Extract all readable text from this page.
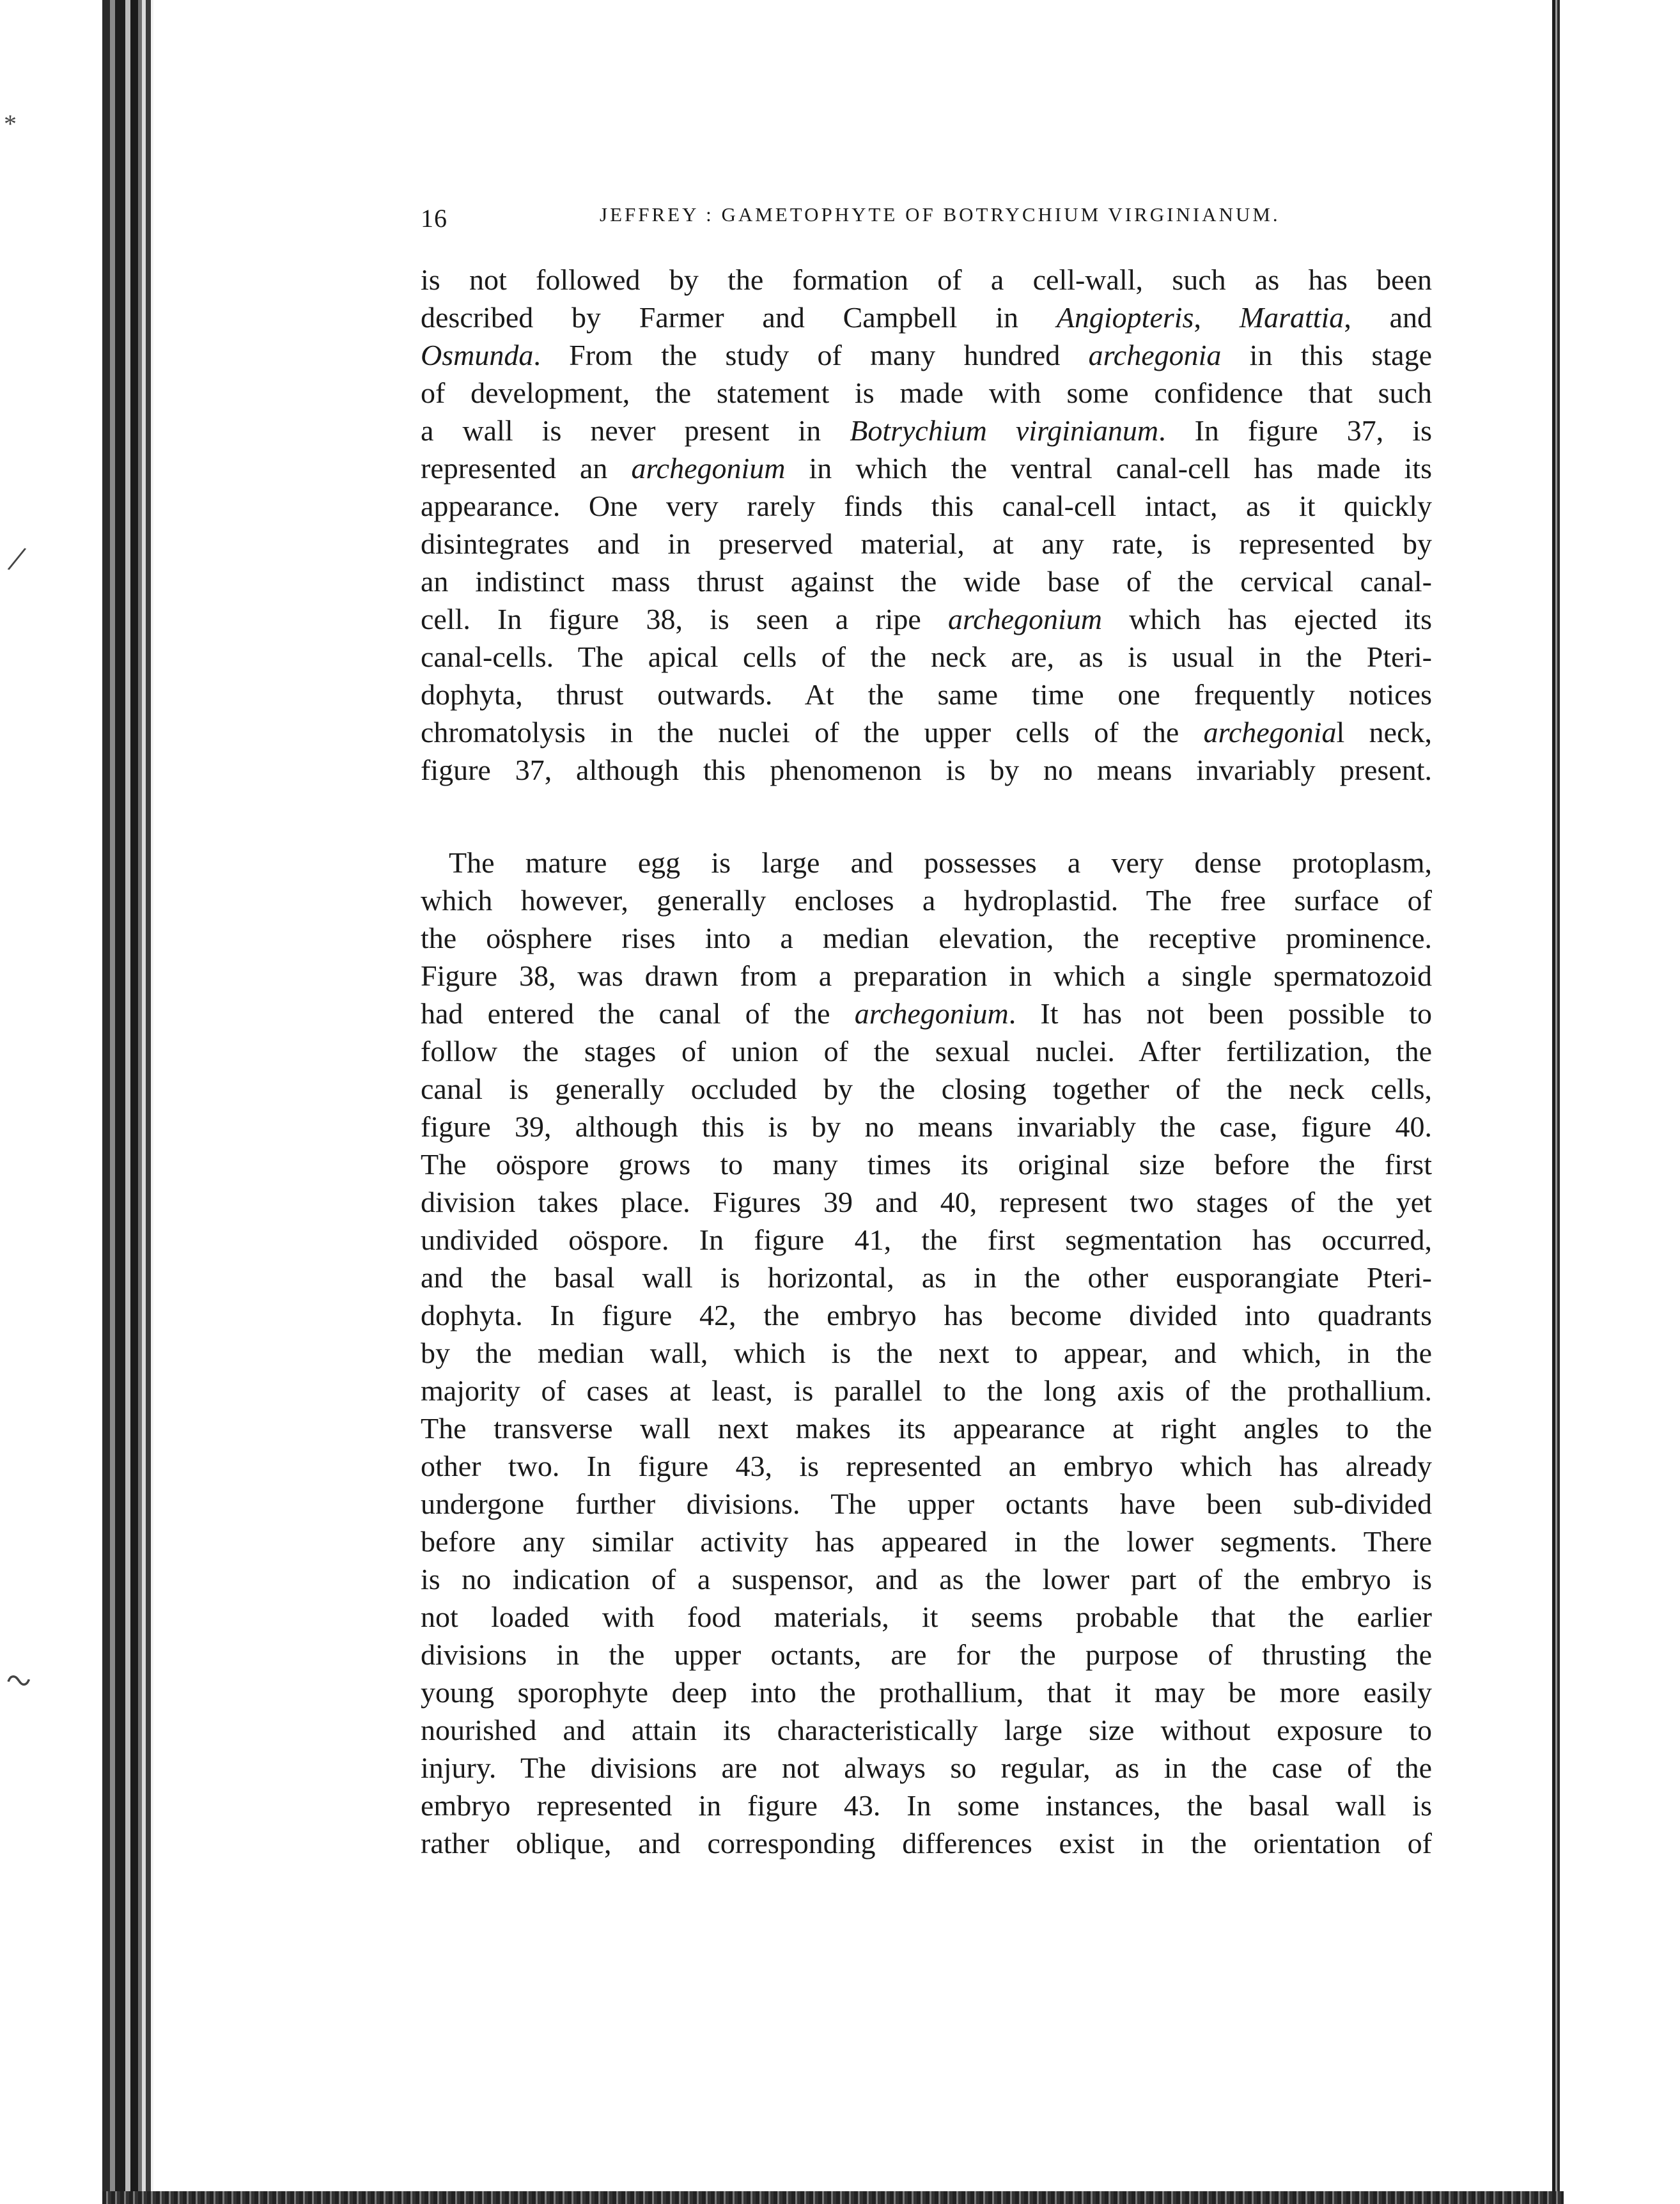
*
/
~
16	JEFFREY : GAMETOPHYTE OF BOTRYCHIUM VIRGINIANUM.
is not followed by the formation of a cell-wall, such as has been
described by Farmer and Campbell in Angiopteris, Marattia, and
Osmunda. From the study of many hundred archegonia in this stage
of development, the statement is made with some confidence that such
a wall is never present in Botrychium virginianum. In figure 37, is
represented an archegonium in which the ventral canal-cell has made its
appearance. One very rarely finds this canal-cell intact, as it quickly
disintegrates and in preserved material, at any rate, is represented by
an indistinct mass thrust against the wide base of the cervical canal-
cell. In figure 38, is seen a ripe archegonium which has ejected its
canal-cells. The apical cells of the neck are, as is usual in the Pteri-
dophyta, thrust outwards. At the same time one frequently notices
chromatolysis in the nuclei of the upper cells of the archegonial neck,
figure 37, although this phenomenon is by no means invariably present.
The mature egg is large and possesses a very dense protoplasm,
which however, generally encloses a hydroplastid. The free surface of
the oösphere rises into a median elevation, the receptive prominence.
Figure 38, was drawn from a preparation in which a single spermatozoid
had entered the canal of the archegonium. It has not been possible to
follow the stages of union of the sexual nuclei. After fertilization, the
canal is generally occluded by the closing together of the neck cells,
figure 39, although this is by no means invariably the case, figure 40.
The oöspore grows to many times its original size before the first
division takes place. Figures 39 and 40, represent two stages of the yet
undivided oöspore. In figure 41, the first segmentation has occurred,
and the basal wall is horizontal, as in the other eusporangiate Pteri-
dophyta. In figure 42, the embryo has become divided into quadrants
by the median wall, which is the next to appear, and which, in the
majority of cases at least, is parallel to the long axis of the prothallium.
The transverse wall next makes its appearance at right angles to the
other two. In figure 43, is represented an embryo which has already
undergone further divisions. The upper octants have been sub-divided
before any similar activity has appeared in the lower segments. There
is no indication of a suspensor, and as the lower part of the embryo is
not loaded with food materials, it seems probable that the earlier
divisions in the upper octants, are for the purpose of thrusting the
young sporophyte deep into the prothallium, that it may be more easily
nourished and attain its characteristically large size without exposure to
injury. The divisions are not always so regular, as in the case of the
embryo represented in figure 43. In some instances, the basal wall is
rather oblique, and corresponding differences exist in the orientation of
